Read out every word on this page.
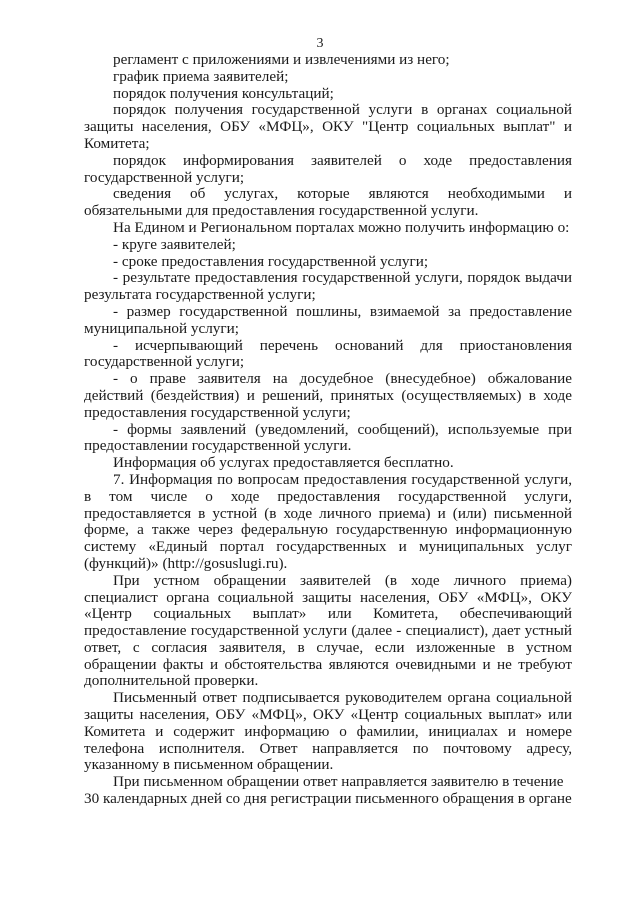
3

регламент с приложениями и извлечениями из него;

график приема заявителей;

порядок получения консультаций;

порядок получения государственной услуги в органах социальной защиты населения, ОБУ «МФЦ», ОКУ "Центр социальных выплат" и Комитета;

порядок информирования заявителей о ходе предоставления государственной услуги;

сведения об услугах, которые являются необходимыми и обязательными для предоставления государственной услуги.

На Едином и Региональном порталах можно получить информацию о:

- круге заявителей;

- сроке предоставления государственной услуги;

- результате предоставления государственной услуги, порядок выдачи результата государственной услуги;

- размер государственной пошлины, взимаемой за предоставление муниципальной услуги;

- исчерпывающий перечень оснований для приостановления государственной услуги;

- о праве заявителя на досудебное (внесудебное) обжалование действий (бездействия) и решений, принятых (осуществляемых) в ходе предоставления государственной услуги;

- формы заявлений (уведомлений, сообщений), используемые при предоставлении государственной услуги.

Информация об услугах предоставляется бесплатно.

7. Информация по вопросам предоставления государственной услуги, в том числе о ходе предоставления государственной услуги, предоставляется в устной (в ходе личного приема) и (или) письменной форме, а также через федеральную государственную информационную систему «Единый портал государственных и муниципальных услуг (функций)» (http://gosuslugi.ru).

При устном обращении заявителей (в ходе личного приема) специалист органа социальной защиты населения, ОБУ «МФЦ», ОКУ «Центр социальных выплат» или Комитета, обеспечивающий предоставление государственной услуги (далее - специалист), дает устный ответ, с согласия заявителя, в случае, если изложенные в устном обращении факты и обстоятельства являются очевидными и не требуют дополнительной проверки.

Письменный ответ подписывается руководителем органа социальной защиты населения, ОБУ «МФЦ», ОКУ «Центр социальных выплат» или Комитета и содержит информацию о фамилии, инициалах и номере телефона исполнителя. Ответ направляется по почтовому адресу, указанному в письменном обращении.

При письменном обращении ответ направляется заявителю в течение
30 календарных дней со дня регистрации письменного обращения в органе
